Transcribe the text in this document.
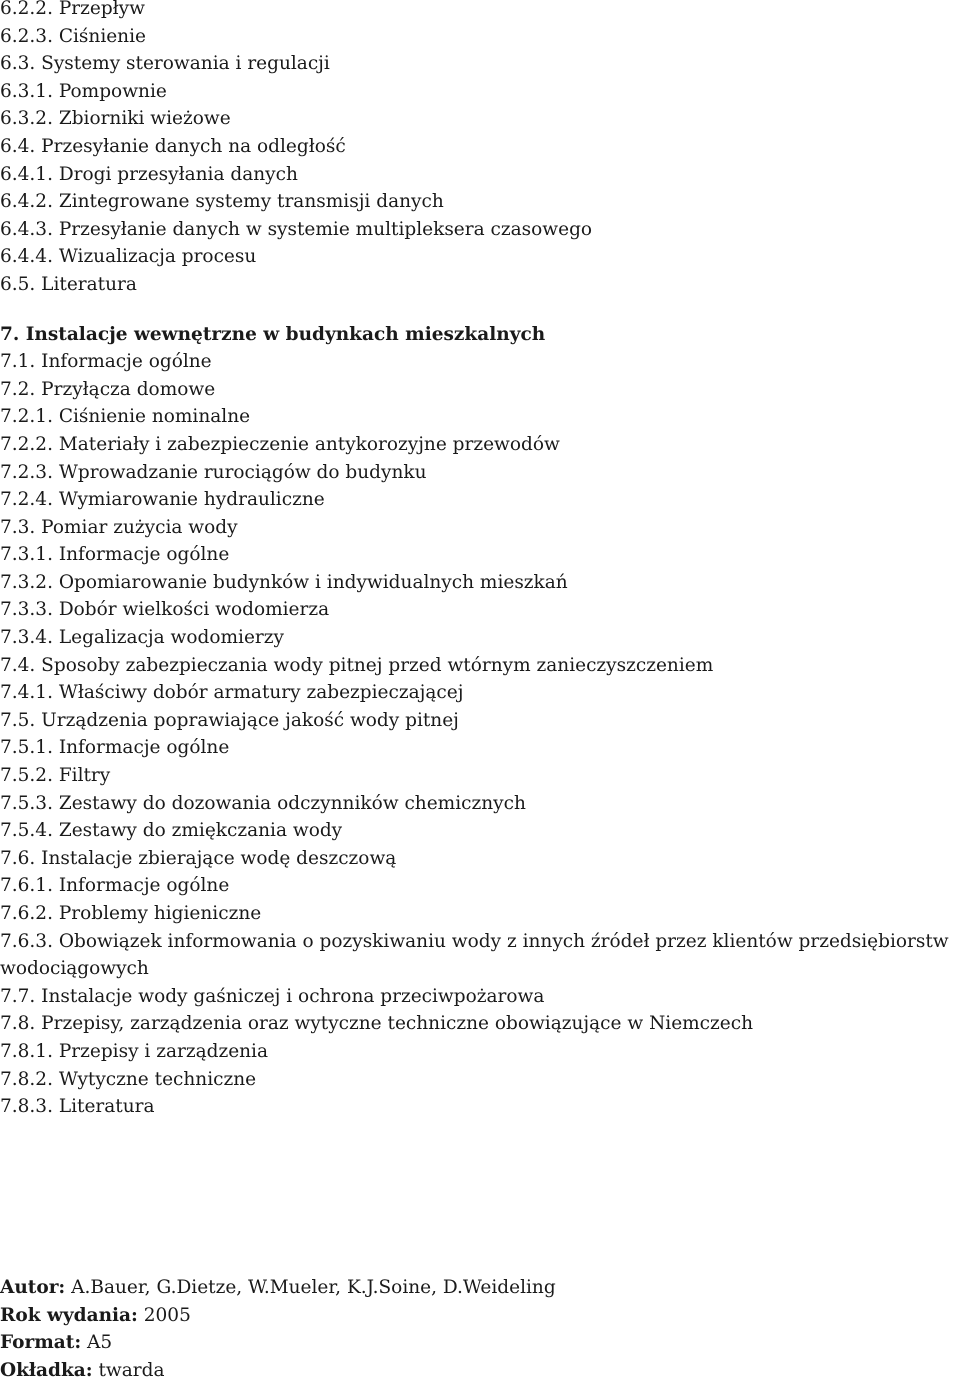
6.2.2. Przepływ
6.2.3. Ciśnienie
6.3. Systemy sterowania i regulacji
6.3.1. Pompownie
6.3.2. Zbiorniki wieżowe
6.4. Przesyłanie danych na odległość
6.4.1. Drogi przesyłania danych
6.4.2. Zintegrowane systemy transmisji danych
6.4.3. Przesyłanie danych w systemie multipleksera czasowego
6.4.4. Wizualizacja procesu
6.5. Literatura
7. Instalacje wewnętrzne w budynkach mieszkalnych
7.1. Informacje ogólne
7.2. Przyłącza domowe
7.2.1. Ciśnienie nominalne
7.2.2. Materiały i zabezpieczenie antykorozyjne przewodów
7.2.3. Wprowadzanie rurociągów do budynku
7.2.4. Wymiarowanie hydrauliczne
7.3. Pomiar zużycia wody
7.3.1. Informacje ogólne
7.3.2. Opomiarowanie budynków i indywidualnych mieszkań
7.3.3. Dobór wielkości wodomierza
7.3.4. Legalizacja wodomierzy
7.4. Sposoby zabezpieczania wody pitnej przed wtórnym zanieczyszczeniem
7.4.1. Właściwy dobór armatury zabezpieczającej
7.5. Urządzenia poprawiające jakość wody pitnej
7.5.1. Informacje ogólne
7.5.2. Filtry
7.5.3. Zestawy do dozowania odczynników chemicznych
7.5.4. Zestawy do zmiękczania wody
7.6. Instalacje zbierające wodę deszczową
7.6.1. Informacje ogólne
7.6.2. Problemy higieniczne
7.6.3. Obowiązek informowania o pozyskiwaniu wody z innych źródeł przez klientów przedsiębiorstw wodociągowych
7.7. Instalacje wody gaśniczej i ochrona przeciwpożarowa
7.8. Przepisy, zarządzenia oraz wytyczne techniczne obowiązujące w Niemczech
7.8.1. Przepisy i zarządzenia
7.8.2. Wytyczne techniczne
7.8.3. Literatura
Autor: A.Bauer, G.Dietze, W.Mueler, K.J.Soine, D.Weideling
Rok wydania: 2005
Format: A5
Okładka: twarda
